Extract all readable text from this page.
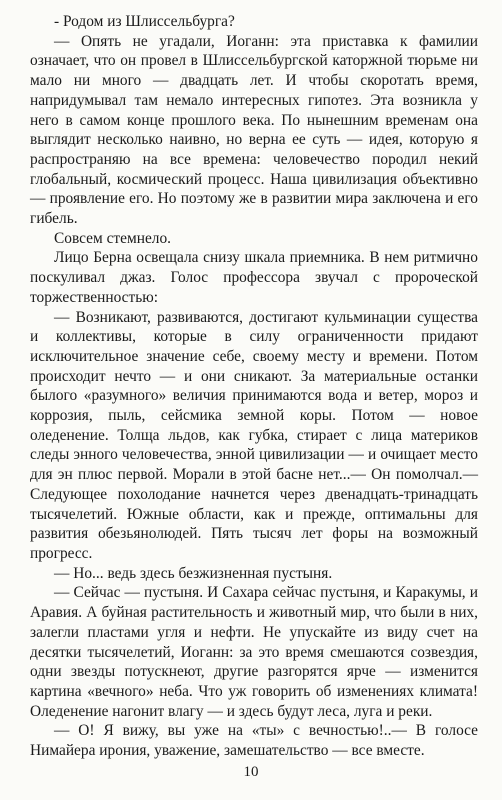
- Родом из Шлиссельбурга?

— Опять не угадали, Иоганн: эта приставка к фамилии означает, что он провел в Шлиссельбургской каторжной тюрьме ни мало ни много — двадцать лет. И чтобы скоротать время, напридумывал там немало интересных гипотез. Эта возникла у него в самом конце прошлого века. По нынешним временам она выглядит несколько наивно, но верна ее суть — идея, которую я распространяю на все времена: человечество породил некий глобальный, космический процесс. Наша цивилизация объективно — проявление его. Но поэтому же в развитии мира заключена и его гибель.

Совсем стемнело.

Лицо Берна освещала снизу шкала приемника. В нем ритмично поскуливал джаз. Голос профессора звучал с пророческой торжественностью:

— Возникают, развиваются, достигают кульминации существа и коллективы, которые в силу ограниченности придают исключительное значение себе, своему месту и времени. Потом происходит нечто — и они сникают. За материальные останки былого «разумного» величия принимаются вода и ветер, мороз и коррозия, пыль, сейсмика земной коры. Потом — новое оледенение. Толща льдов, как губка, стирает с лица материков следы энного человечества, энной цивилизации — и очищает место для эн плюс первой. Морали в этой басне нет...— Он помолчал.— Следующее похолодание начнется через двенадцать-тринадцать тысячелетий. Южные области, как и прежде, оптимальны для развития обезьянолюдей. Пять тысяч лет форы на возможный прогресс.

— Но... ведь здесь безжизненная пустыня.

— Сейчас — пустыня. И Сахара сейчас пустыня, и Каракумы, и Аравия. А буйная растительность и животный мир, что были в них, залегли пластами угля и нефти. Не упускайте из виду счет на десятки тысячелетий, Иоганн: за это время смешаются созвездия, одни звезды потускнеют, другие разгорятся ярче — изменится картина «вечного» неба. Что уж говорить об изменениях климата! Оледенение нагонит влагу — и здесь будут леса, луга и реки.

— О! Я вижу, вы уже на «ты» с вечностью!..— В голосе Нимайера ирония, уважение, замешательство — все вместе.

10
